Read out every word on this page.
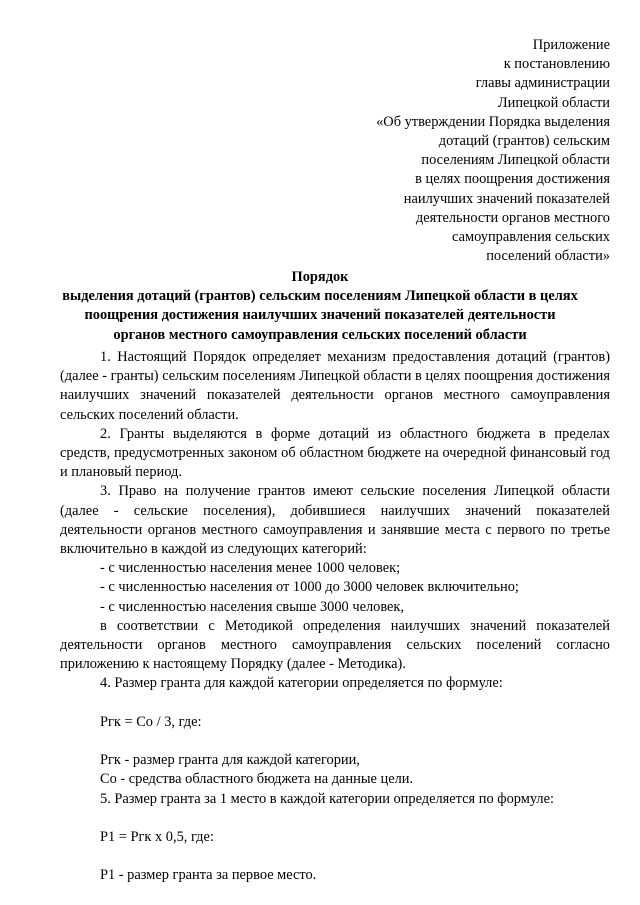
Приложение
к постановлению
главы администрации
Липецкой области
«Об утверждении Порядка выделения
дотаций (грантов) сельским
поселениям Липецкой области
в целях поощрения достижения
наилучших значений показателей
деятельности органов местного
самоуправления сельских
поселений области»
Порядок
выделения дотаций (грантов) сельским поселениям Липецкой области в целях
поощрения достижения наилучших значений показателей деятельности
органов местного самоуправления сельских поселений области

1. Настоящий Порядок определяет механизм предоставления дотаций (грантов) (далее - гранты) сельским поселениям Липецкой области в целях поощрения достижения наилучших значений показателей деятельности органов местного самоуправления сельских поселений области.

2. Гранты выделяются в форме дотаций из областного бюджета в пределах средств, предусмотренных законом об областном бюджете на очередной финансовый год и плановый период.

3. Право на получение грантов имеют сельские поселения Липецкой области (далее - сельские поселения), добившиеся наилучших значений показателей деятельности органов местного самоуправления и занявшие места с первого по третье включительно в каждой из следующих категорий:

- с численностью населения менее 1000 человек;

- с численностью населения от 1000 до 3000 человек включительно;

- с численностью населения свыше 3000 человек,

в соответствии с Методикой определения наилучших значений показателей деятельности органов местного самоуправления сельских поселений согласно приложению к настоящему Порядку (далее - Методика).

4. Размер гранта для каждой категории определяется по формуле:

Ргк = Со / 3, где:

Ргк - размер гранта для каждой категории,

Со - средства областного бюджета на данные цели.

5. Размер гранта за 1 место в каждой категории определяется по формуле:

Р1 = Ргк х 0,5, где:

Р1 - размер гранта за первое место.
